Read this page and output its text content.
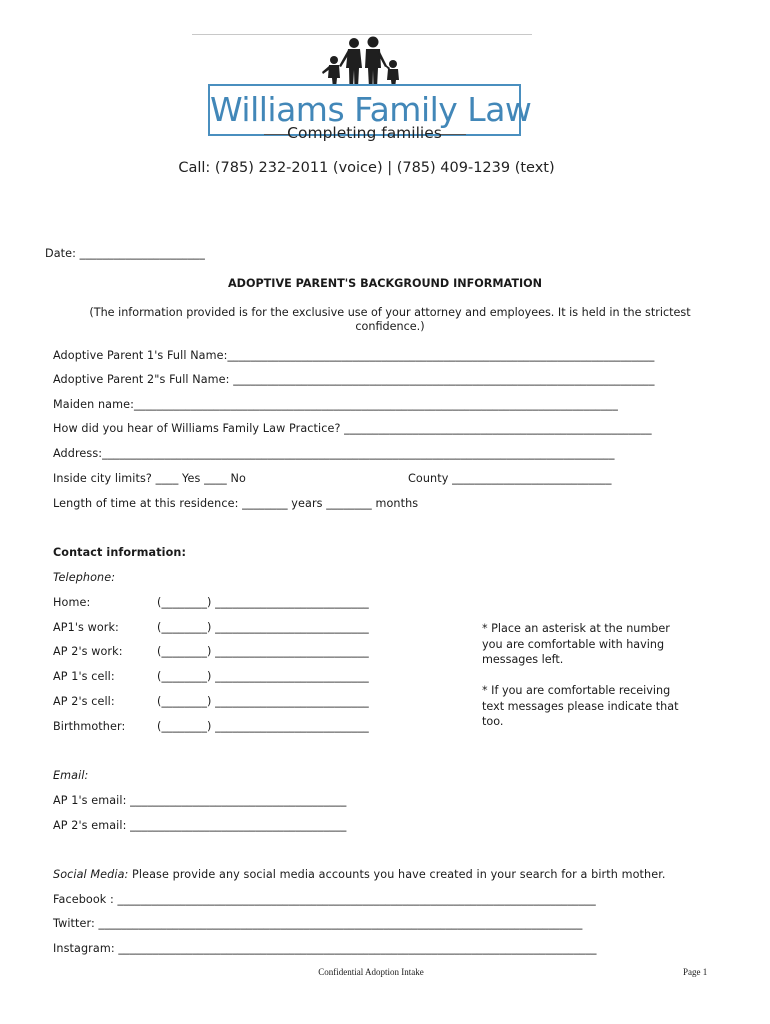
Williams Family Law
Completing families
Call: (785) 232-2011 (voice) | (785) 409-1239 (text)
Date: ______________________
ADOPTIVE PARENT'S BACKGROUND INFORMATION
(The information provided is for the exclusive use of your attorney and employees. It is held in the strictest confidence.)
Adoptive Parent 1's Full Name:___________________________________________________________________________
Adoptive Parent 2"s Full Name: __________________________________________________________________________
Maiden name:_____________________________________________________________________________________
How did you hear of Williams Family Law Practice? ______________________________________________________
Address:__________________________________________________________________________________________
Inside city limits? ____ Yes ____ No	County ____________________________
Length of time at this residence: ________ years ________ months
Contact information:
Telephone:
Home:	(________) ___________________________
AP1's work:	(________) ___________________________
AP 2's work:	(________) ___________________________
AP 1's cell:	(________) ___________________________
AP 2's cell:	(________) ___________________________
Birthmother:	(________) ___________________________
* Place an asterisk at the number you are comfortable with having messages left.
* If you are comfortable receiving text messages please indicate that too.
Email:
AP 1's email: ______________________________________
AP 2's email: ______________________________________
Social Media: Please provide any social media accounts you have created in your search for a birth mother.
Facebook : ____________________________________________________________________________________
Twitter: _____________________________________________________________________________________
Instagram: ____________________________________________________________________________________
Confidential Adoption Intake	Page 1
